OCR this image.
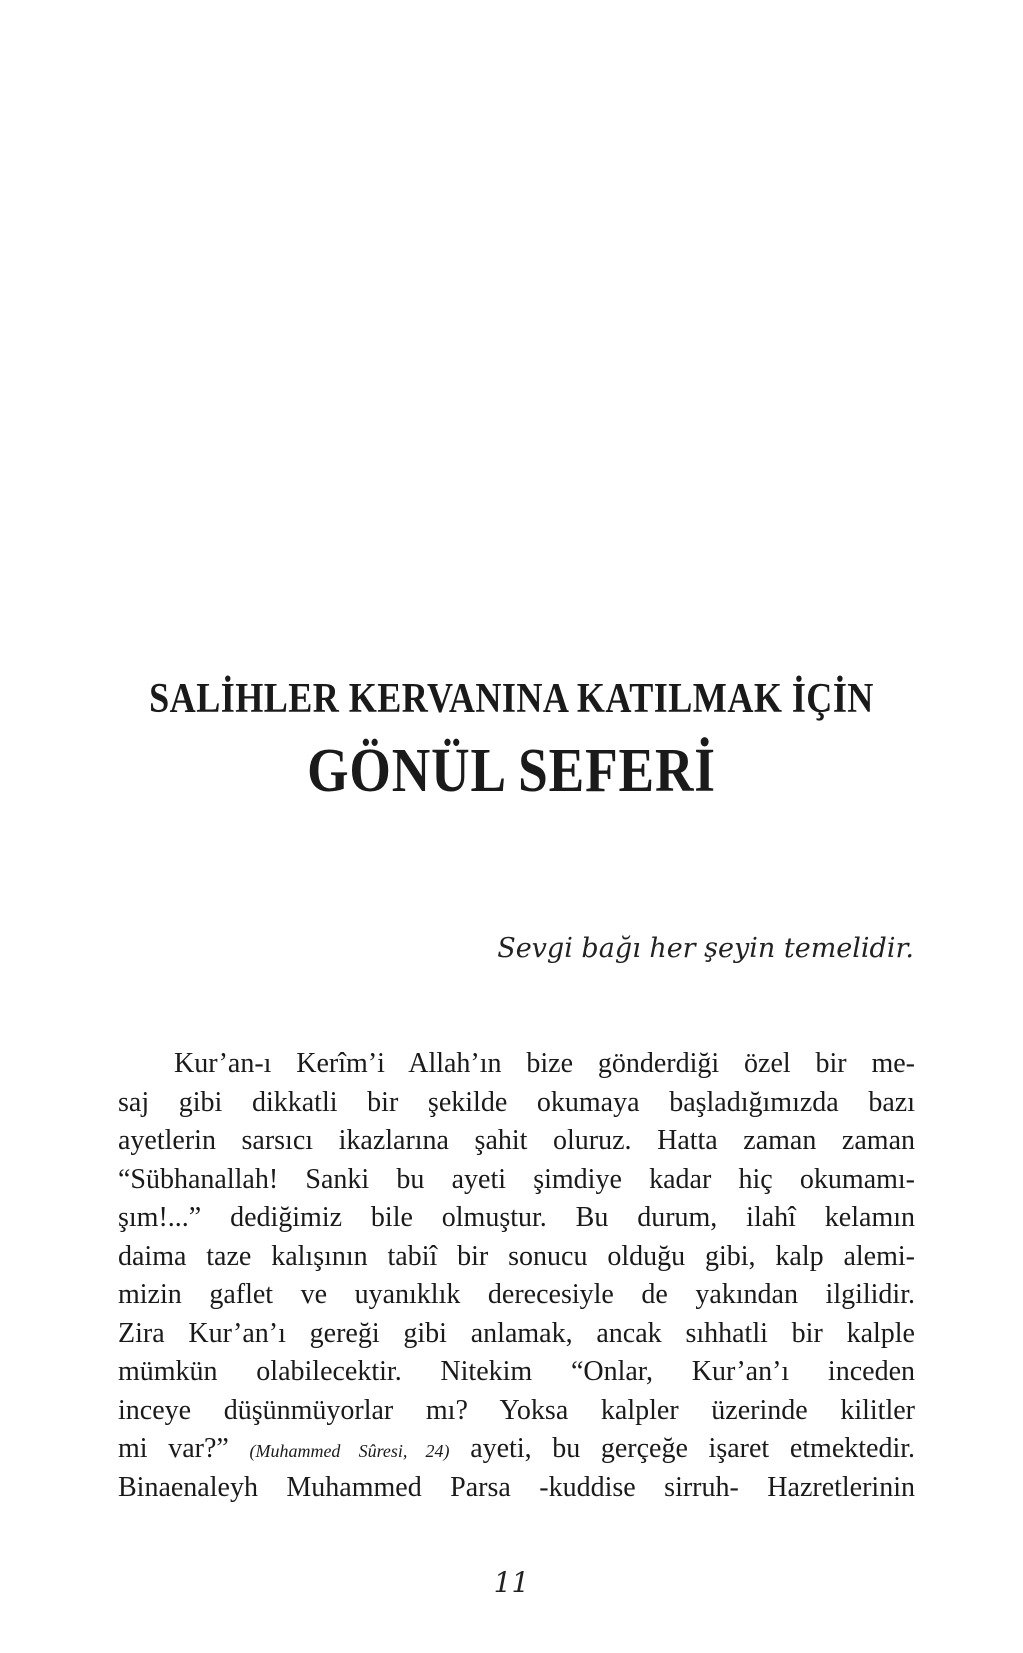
SALİHLER KERVANINA KATILMAK İÇİN
GÖNÜL SEFERİ
Sevgi bağı her şeyin temelidir.
Kur’an-ı Kerîm’i Allah’ın bize gönderdiği özel bir me-
saj gibi dikkatli bir şekilde okumaya başladığımızda bazı
ayetlerin sarsıcı ikazlarına şahit oluruz. Hatta zaman zaman
“Sübhanallah! Sanki bu ayeti şimdiye kadar hiç okumamı-
şım!...” dediğimiz bile olmuştur. Bu durum, ilahî kelamın
daima taze kalışının tabiî bir sonucu olduğu gibi, kalp alemi-
mizin gaflet ve uyanıklık derecesiyle de yakından ilgilidir.
Zira Kur’an’ı gereği gibi anlamak, ancak sıhhatli bir kalple
mümkün olabilecektir. Nitekim “Onlar, Kur’an’ı inceden
inceye düşünmüyorlar mı? Yoksa kalpler üzerinde kilitler
mi var?” (Muhammed Sûresi, 24) ayeti, bu gerçeğe işaret etmektedir.
Binaenaleyh Muhammed Parsa -kuddise sirruh- Hazretlerinin
11
